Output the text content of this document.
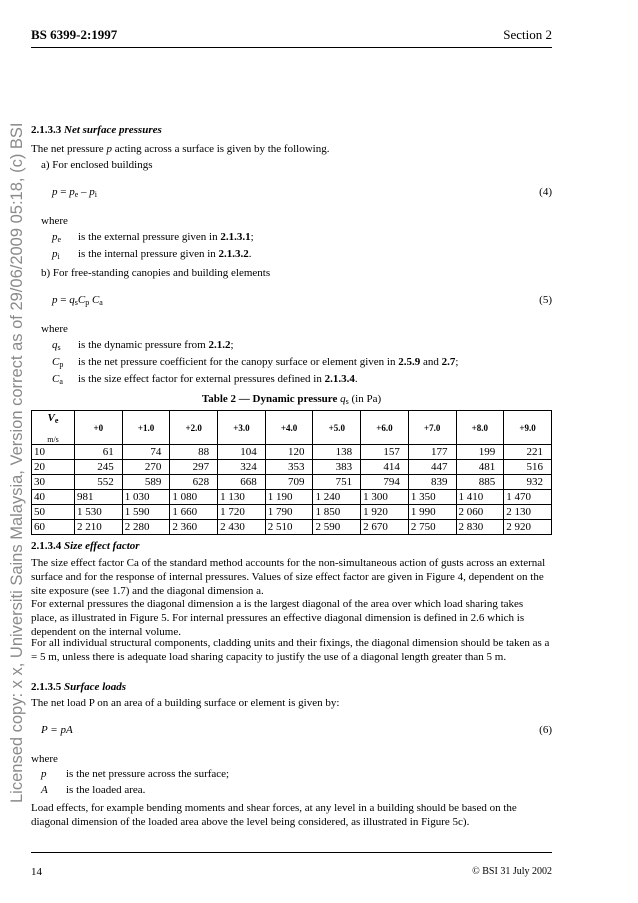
BS 6399-2:1997	Section 2
Licensed copy: x x, Universiti Sains Malaysia, Version correct as of 29/06/2009 05:18, (c) BSI 2.1.3.3 Net surface pressures
The net pressure p acting across a surface is given by the following.
a) For enclosed buildings
$p = p_e - p_i$	(4)
where
$p_e$ is the external pressure given in 2.1.3.1;
$p_i$ is the internal pressure given in 2.1.3.2.
b) For free-standing canopies and building elements
$p = q_sC_p$ $C_a$	(5)
where
$q_s$ is the dynamic pressure from 2.1.2;
$C_p$ is the net pressure coefficient for the canopy surface or element given in 2.5.9 and 2.7;
$C_a$ is the size effect factor for external pressures defined in 2.1.3.4.
Table 2 — Dynamic pressure $q_s$ (in Pa)
$V_e$

m/s	+0	+1.0	+2.0	+3.0	+4.0	+5.0	+6.0	+7.0	+8.0	+9.0
10	61	74	88	104	120	138	157	177	199	221
20	245	270	297	324	353	383	414	447	481	516
30	552	589	628	668	709	751	794	839	885	932
40	981	1 030	1 080	1 130	1 190	1 240	1 300	1 350	1 410	1 470
50	1 530	1 590	1 660	1 720	1 790	1 850	1 920	1 990	2 060	2 130
60	2 210	2 280	2 360	2 430	2 510	2 590	2 670	2 750	2 830	2 920
2.1.3.4 Size effect factor
The size effect factor Ca of the standard method accounts for the non-simultaneous action of gusts across an external surface and for the response of internal pressures. Values of size effect factor are given in Figure 4, dependent on the site exposure (see 1.7) and the diagonal dimension a.
For external pressures the diagonal dimension a is the largest diagonal of the area over which load sharing takes place, as illustrated in Figure 5. For internal pressures an effective diagonal dimension is defined in 2.6 which is dependent on the internal volume.
For all individual structural components, cladding units and their fixings, the diagonal dimension should be taken as a = 5 m, unless there is adequate load sharing capacity to justify the use of a diagonal length greater than 5 m.
2.1.3.5 Surface loads
The net load P on an area of a building surface or element is given by:
P = pA	(6)
where
p is the net pressure across the surface;
A is the loaded area.
Load effects, for example bending moments and shear forces, at any level in a building should be based on the diagonal dimension of the loaded area above the level being considered, as illustrated in Figure 5c).
14	© BSI 31 July 2002
